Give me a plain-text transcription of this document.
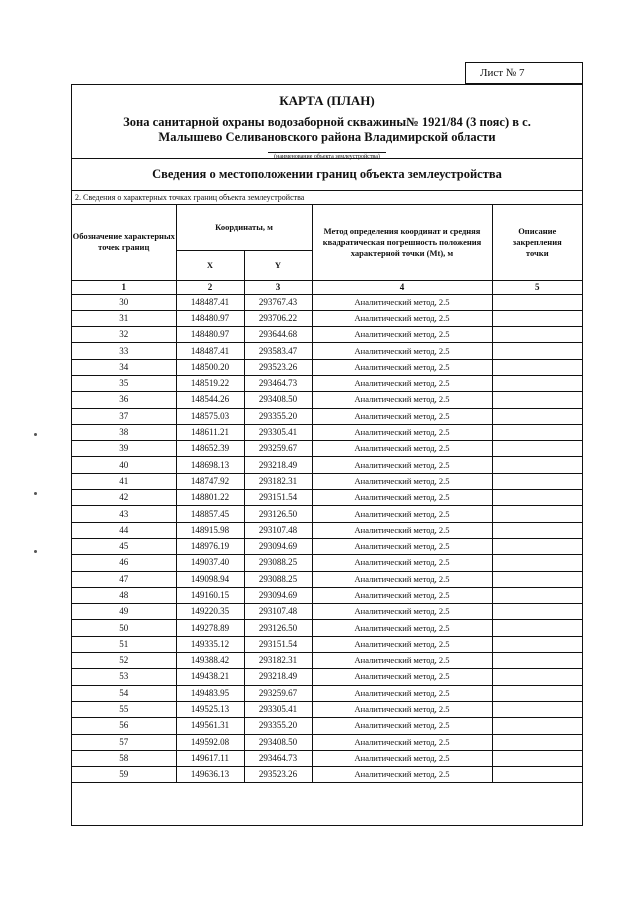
Лист № 7
КАРТА (ПЛАН)
Зона санитарной охраны водозаборной скважины№ 1921/84 (3 пояс) в с.
Малышево Селивановского района Владимирской области
(наименование объекта землеустройства)
Сведения о местоположении границ объекта землеустройства
2. Сведения о характерных точках границ объекта землеустройства
Обозначение характерных точек границ	Координаты, м		Метод определения координат и средняя квадратическая погрешность положения характерной точки (Mt), м	Описание закрепления точки
	X	Y		
1	2	3	4	5
30	148487.41	293767.43	Аналитический метод, 2.5	
31	148480.97	293706.22	Аналитический метод, 2.5	
32	148480.97	293644.68	Аналитический метод, 2.5	
33	148487.41	293583.47	Аналитический метод, 2.5	
34	148500.20	293523.26	Аналитический метод, 2.5	
35	148519.22	293464.73	Аналитический метод, 2.5	
36	148544.26	293408.50	Аналитический метод, 2.5	
37	148575.03	293355.20	Аналитический метод, 2.5	
38	148611.21	293305.41	Аналитический метод, 2.5	
39	148652.39	293259.67	Аналитический метод, 2.5	
40	148698.13	293218.49	Аналитический метод, 2.5	
41	148747.92	293182.31	Аналитический метод, 2.5	
42	148801.22	293151.54	Аналитический метод, 2.5	
43	148857.45	293126.50	Аналитический метод, 2.5	
44	148915.98	293107.48	Аналитический метод, 2.5	
45	148976.19	293094.69	Аналитический метод, 2.5	
46	149037.40	293088.25	Аналитический метод, 2.5	
47	149098.94	293088.25	Аналитический метод, 2.5	
48	149160.15	293094.69	Аналитический метод, 2.5	
49	149220.35	293107.48	Аналитический метод, 2.5	
50	149278.89	293126.50	Аналитический метод, 2.5	
51	149335.12	293151.54	Аналитический метод, 2.5	
52	149388.42	293182.31	Аналитический метод, 2.5	
53	149438.21	293218.49	Аналитический метод, 2.5	
54	149483.95	293259.67	Аналитический метод, 2.5	
55	149525.13	293305.41	Аналитический метод, 2.5	
56	149561.31	293355.20	Аналитический метод, 2.5	
57	149592.08	293408.50	Аналитический метод, 2.5	
58	149617.11	293464.73	Аналитический метод, 2.5	
59	149636.13	293523.26	Аналитический метод, 2.5	
